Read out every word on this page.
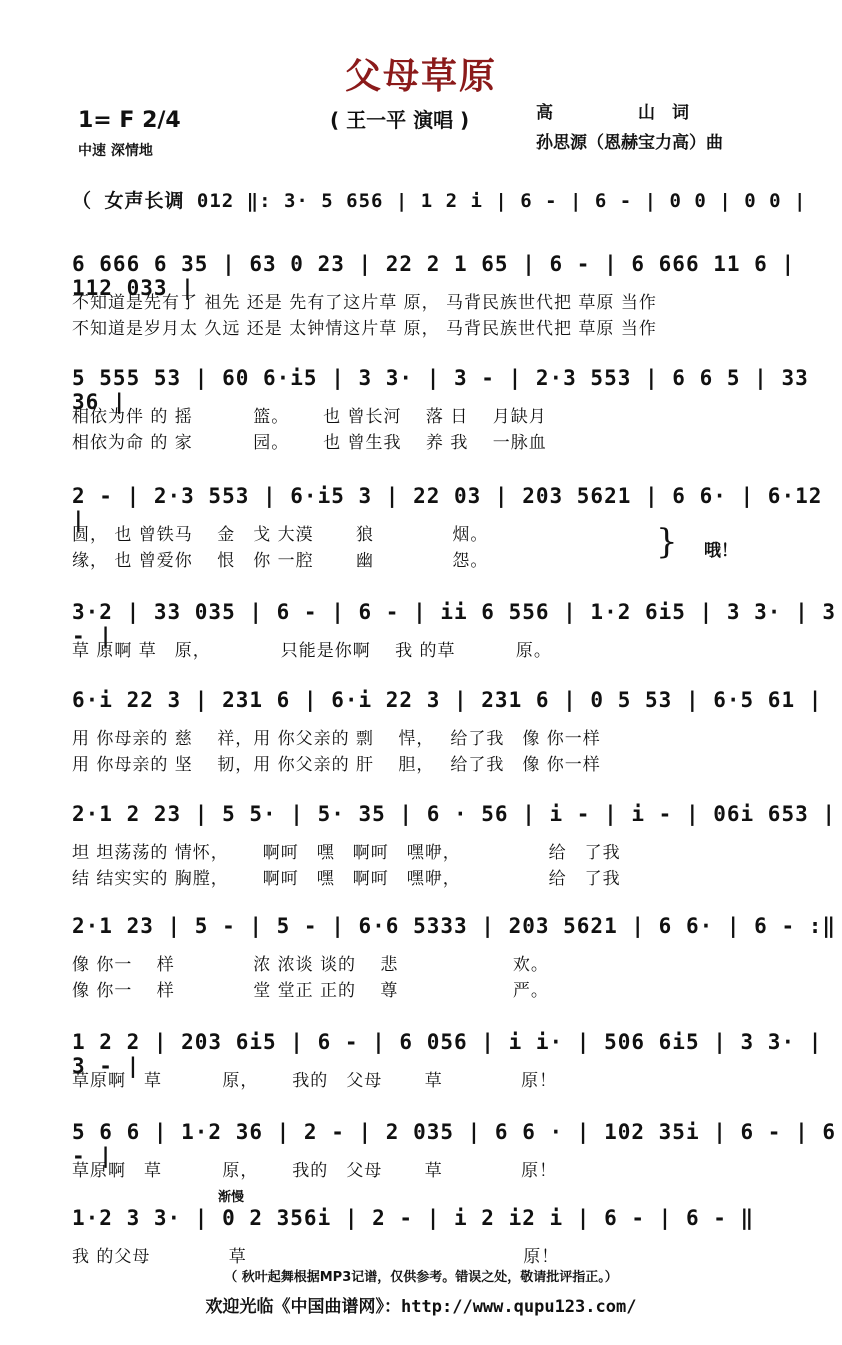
父母草原
( 王一平 演唱 )
1= F 2/4
中速 深情地
高　　　　　山　词
孙思源（恩赫宝力高）曲
（ 女声长调 012 ‖: 3· 5 656 | 1 2 i | 6 - | 6 - | 0 0 | 0 0 |
6 666 6 35 | 63 0 23 | 22 2 1 65 | 6 - | 6 666 11 6 | 112 033 |
不知道是先有了 祖先 还是 先有了这片草 原， 马背民族世代把 草原 当作
不知道是岁月太 久远 还是 太钟情这片草 原， 马背民族世代把 草原 当作
5 555 53 | 60 6·i5 | 3 3· | 3 - | 2·3 553 | 6 6 5 | 33 36 |
相依为伴 的 摇　　　 篮。　　 也 曾长河　 落 日　 月缺月
相依为命 的 家　　　 园。　　 也 曾生我　 养 我　 一脉血
2 - | 2·3 553 | 6·i5 3 | 22 03 | 203 5621 | 6 6· | 6·12 |
圆， 也 曾铁马　 金　戈 大漠　　 狼　　　　 烟。
缘， 也 曾爱你　 恨　你 一腔　　 幽　　　　 怨。	} 哦！
3·2 | 33 035 | 6 - | 6 - | ii 6 556 | 1·2 6i5 | 3 3· | 3 - |
草 原啊 草　原，　　　　 只能是你啊　 我 的草　　　 原。
6·i 22 3 | 231 6 | 6·i 22 3 | 231 6 | 0 5 53 | 6·5 61 |
用 你母亲的 慈　 祥，用 你父亲的 剽　 悍，　 给了我　像 你一样
用 你母亲的 坚　 韧，用 你父亲的 肝　 胆，　 给了我　像 你一样
2·1 2 23 | 5 5· | 5· 35 | 6 · 56 | i - | i - | 06i 653 |
坦 坦荡荡的 情怀，　　 啊呵　嘿　啊呵　嘿咿，　　　　　 给　了我
结 结实实的 胸膛，　　 啊呵　嘿　啊呵　嘿咿，　　　　　 给　了我
2·1 23 | 5 - | 5 - | 6·6 5333 | 203 5621 | 6 6· | 6 - :‖
像 你一　 样　　　　 浓 浓谈 谈的　 悲　　　　　　 欢。
像 你一　 样　　　　 堂 堂正 正的　 尊　　　　　　 严。
1 2 2 | 203 6i5 | 6 - | 6 056 | i i· | 506 6i5 | 3 3· | 3 - |
草原啊　草　　　 原，　　 我的　父母　　 草　　　　 原！
5 6 6 | 1·2 36 | 2 - | 2 035 | 6 6 · | 102 35i | 6 - | 6 - |
草原啊　草　　　 原，　　 我的　父母　　 草　　　　 原！
渐慢
1·2 3 3· | 0 2 356i | 2 - | i 2 i2 i | 6 - | 6 - ‖
我 的父母　　　　 草　　　　　　　　　　　　　　　 原！
（ 秋叶起舞根据MP3记谱，仅供参考。错误之处，敬请批评指正。）
欢迎光临《中国曲谱网》：http://www.qupu123.com/
